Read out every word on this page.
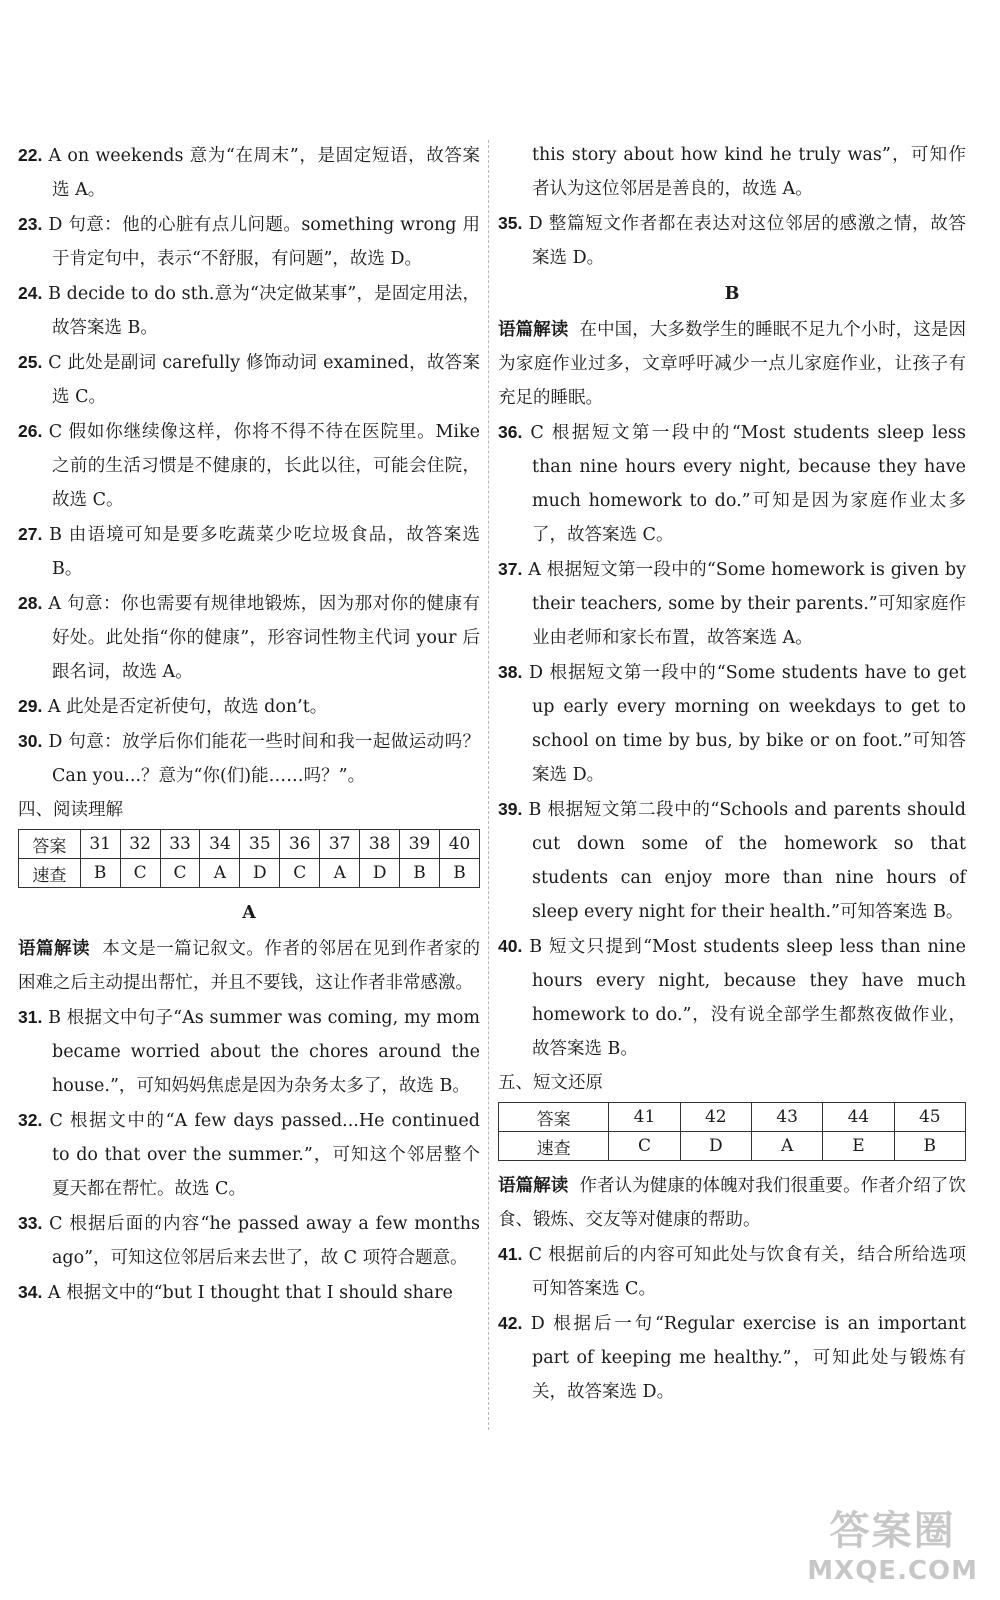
22. A on weekends 意为“在周末”，是固定短语，故答案选 A。

23. D 句意：他的心脏有点儿问题。something wrong 用于肯定句中，表示“不舒服，有问题”，故选 D。

24. B decide to do sth.意为“决定做某事”，是固定用法，故答案选 B。

25. C 此处是副词 carefully 修饰动词 examined，故答案选 C。

26. C 假如你继续像这样，你将不得不待在医院里。Mike 之前的生活习惯是不健康的，长此以往，可能会住院，故选 C。

27. B 由语境可知是要多吃蔬菜少吃垃圾食品，故答案选 B。

28. A 句意：你也需要有规律地锻炼，因为那对你的健康有好处。此处指“你的健康”，形容词性物主代词 your 后跟名词，故选 A。

29. A 此处是否定祈使句，故选 don’t。

30. D 句意：放学后你们能花一些时间和我一起做运动吗？Can you...？意为“你(们)能……吗？”。

四、阅读理解

答案	31	32	33	34	35	36	37	38	39	40
速查	B	C	C	A	D	C	A	D	B	B

A

语篇解读 本文是一篇记叙文。作者的邻居在见到作者家的困难之后主动提出帮忙，并且不要钱，这让作者非常感激。

31. B 根据文中句子“As summer was coming, my mom became worried about the chores around the house.”，可知妈妈焦虑是因为杂务太多了，故选 B。

32. C 根据文中的“A few days passed...He continued to do that over the summer.”，可知这个邻居整个夏天都在帮忙。故选 C。

33. C 根据后面的内容“he passed away a few months ago”，可知这位邻居后来去世了，故 C 项符合题意。

34. A 根据文中的“but I thought that I should share

this story about how kind he truly was”，可知作者认为这位邻居是善良的，故选 A。

35. D 整篇短文作者都在表达对这位邻居的感激之情，故答案选 D。

B

语篇解读 在中国，大多数学生的睡眠不足九个小时，这是因为家庭作业过多，文章呼吁减少一点儿家庭作业，让孩子有充足的睡眠。

36. C 根据短文第一段中的“Most students sleep less than nine hours every night, because they have much homework to do.”可知是因为家庭作业太多了，故答案选 C。

37. A 根据短文第一段中的“Some homework is given by their teachers, some by their parents.”可知家庭作业由老师和家长布置，故答案选 A。

38. D 根据短文第一段中的“Some students have to get up early every morning on weekdays to get to school on time by bus, by bike or on foot.”可知答案选 D。

39. B 根据短文第二段中的“Schools and parents should cut down some of the homework so that students can enjoy more than nine hours of sleep every night for their health.”可知答案选 B。

40. B 短文只提到“Most students sleep less than nine hours every night, because they have much homework to do.”，没有说全部学生都熬夜做作业，故答案选 B。

五、短文还原

答案	41	42	43	44	45
速查	C	D	A	E	B

语篇解读 作者认为健康的体魄对我们很重要。作者介绍了饮食、锻炼、交友等对健康的帮助。

41. C 根据前后的内容可知此处与饮食有关，结合所给选项可知答案选 C。

42. D 根据后一句“Regular exercise is an important part of keeping me healthy.”，可知此处与锻炼有关，故答案选 D。

答案圈
MXQE.COM
